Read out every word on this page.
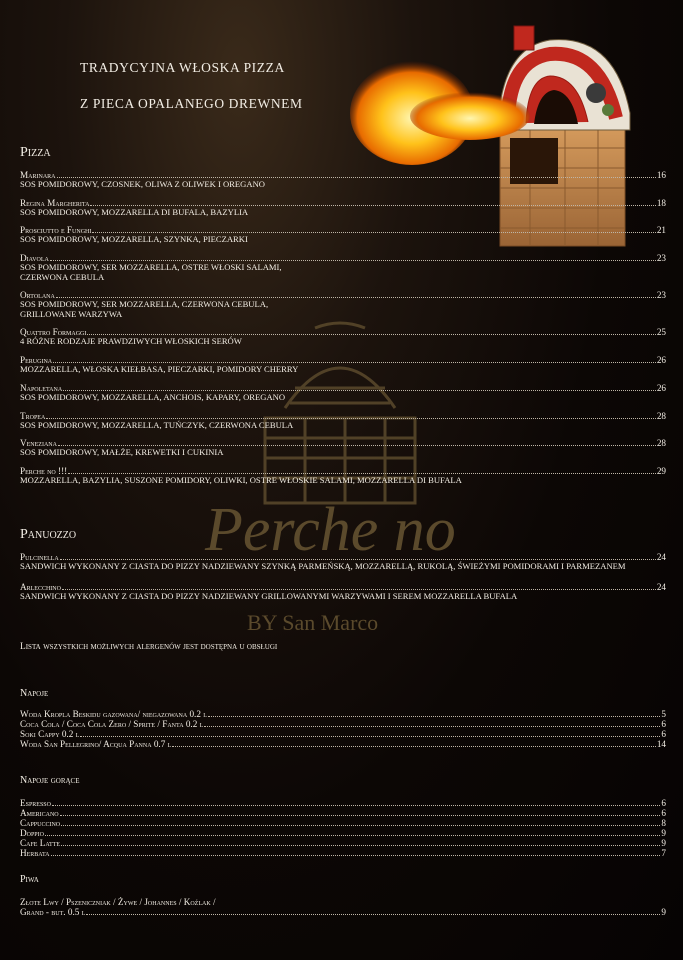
Perche no
BY San Marco
TRADYCYJNA WŁOSKA PIZZA
Z PIECA OPALANEGO DREWNEM
Pizza
Marinara	16
SOS POMIDOROWY, CZOSNEK, OLIWA Z OLIWEK I OREGANO
Regina Margherita	18
SOS POMIDOROWY, MOZZARELLA DI BUFALA, BAZYLIA
Prosciutto e Funghi	21
SOS POMIDOROWY, MOZZARELLA, SZYNKA, PIECZARKI
Diavola	23
SOS POMIDOROWY, SER MOZZARELLA, OSTRE WŁOSKI SALAMI, CZERWONA CEBULA
Ortolana	23
SOS POMIDOROWY, SER MOZZARELLA, CZERWONA CEBULA, GRILLOWANE WARZYWA
Quattro Formaggi	25
4 RÓŻNE RODZAJE PRAWDZIWYCH WŁOSKICH SERÓW
Perugina	26
MOZZARELLA, WŁOSKA KIEŁBASA, PIECZARKI, POMIDORY CHERRY
Napoletana	26
SOS POMIDOROWY, MOZZARELLA, ANCHOIS, KAPARY, OREGANO
Tropea	28
SOS POMIDOROWY, MOZZARELLA, TUŃCZYK, CZERWONA CEBULA
Veneziana	28
SOS POMIDOROWY, MAŁŻE, KREWETKI I CUKINIA
Perche no !!!	29
MOZZARELLA, BAZYLIA, SUSZONE POMIDORY, OLIWKI, OSTRE WŁOSKIE SALAMI, MOZZARELLA DI BUFALA
Panuozzo
Pulcinella	24
SANDWICH WYKONANY Z CIASTA DO PIZZY NADZIEWANY SZYNKĄ PARMEŃSKĄ, MOZZARELLĄ, RUKOLĄ, ŚWIEŻYMI POMIDORAMI I PARMEZANEM
Arlecchino	24
SANDWICH WYKONANY Z CIASTA DO PIZZY NADZIEWANY GRILLOWANYMI WARZYWAMI I SEREM MOZZARELLA BUFALA
Lista wszystkich możliwych alergenów jest dostępna u obsługi
Napoje
Woda Kropla Beskidu gazowana/ niegazowana 0.2 l	5
Coca Cola / Coca Cola Zero / Sprite / Fanta 0.2 l	6
Soki Cappy 0.2 l	6
Woda San Pellegrino/ Acqua Panna 0.7 l	14
Napoje gorące
Espresso	6
Americano	6
Cappuccino	8
Doppio	9
Cafe Latte	9
Herbata	7
Piwa
Złote Lwy / Pszeniczniak / Żywe / Johannes / Koźlak /
Grand - but. 0.5 l	9
